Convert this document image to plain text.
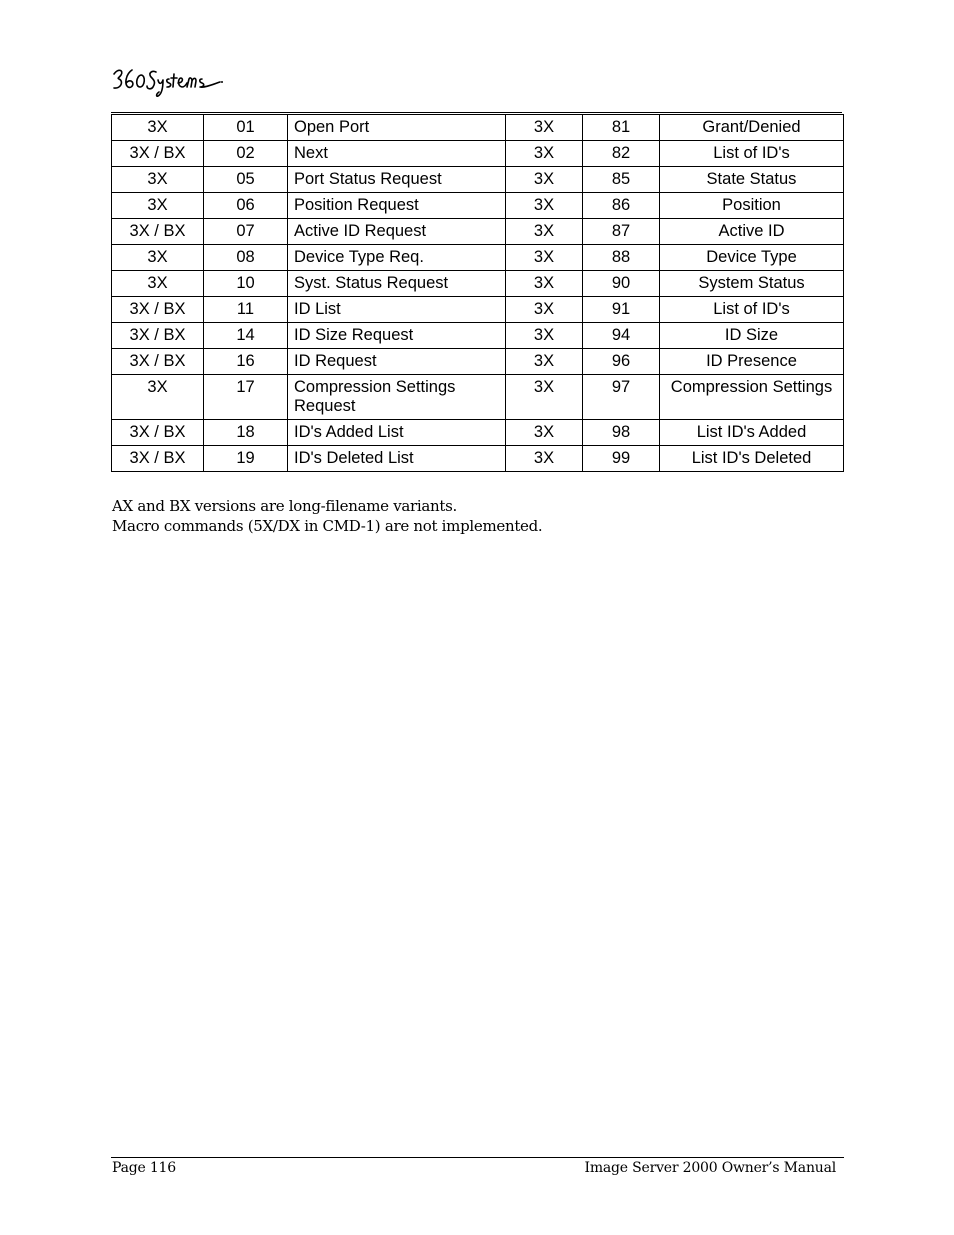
3X	01	Open Port	3X	81	Grant/Denied
3X / BX	02	Next	3X	82	List of ID's
3X	05	Port Status Request	3X	85	State Status
3X	06	Position Request	3X	86	Position
3X / BX	07	Active ID Request	3X	87	Active ID
3X	08	Device Type Req.	3X	88	Device Type
3X	10	Syst. Status Request	3X	90	System Status
3X / BX	11	ID List	3X	91	List of ID's
3X / BX	14	ID Size Request	3X	94	ID Size
3X / BX	16	ID Request	3X	96	ID Presence
3X	17	Compression Settings Request	3X	97	Compression Settings
3X / BX	18	ID's Added List	3X	98	List ID's Added
3X / BX	19	ID's Deleted List	3X	99	List ID's Deleted
AX and BX versions are long-filename variants.
Macro commands (5X/DX in CMD-1) are not implemented.
Page 116	Image Server 2000 Owner’s Manual
